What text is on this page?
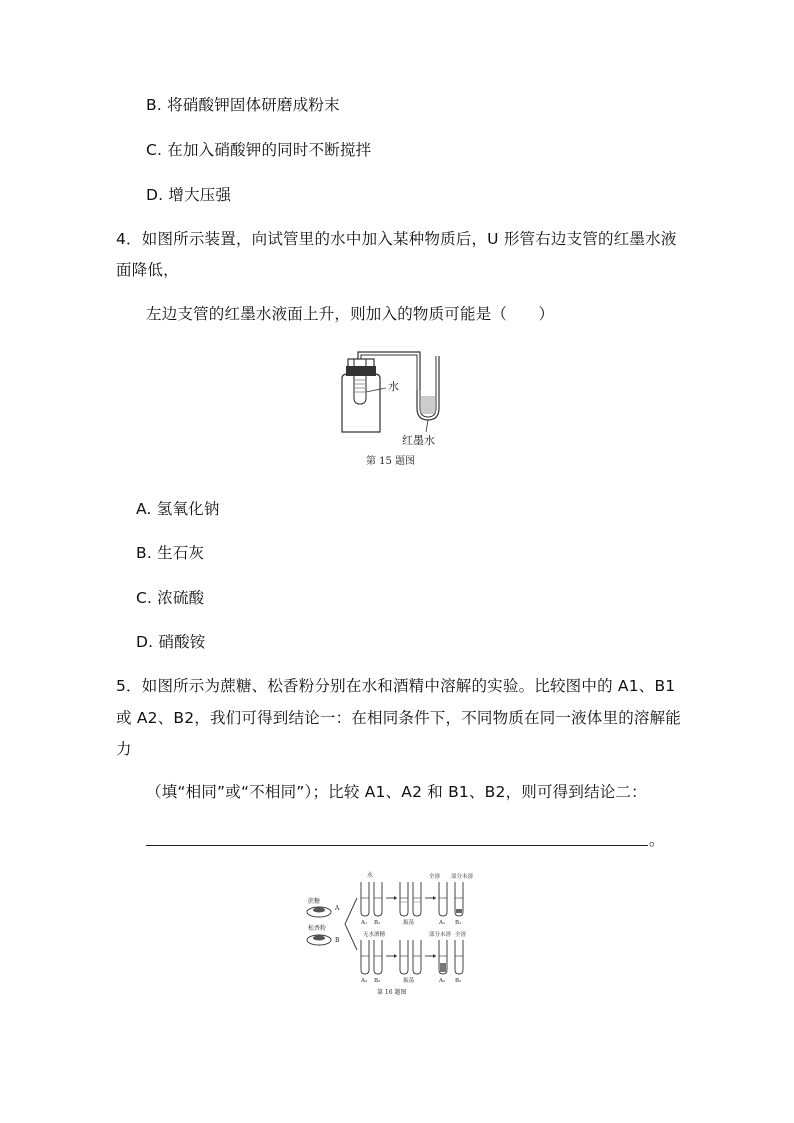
B. 将硝酸钾固体研磨成粉末
C. 在加入硝酸钾的同时不断搅拌
D. 增大压强
4．如图所示装置，向试管里的水中加入某种物质后，U 形管右边支管的红墨水液
面降低，
左边支管的红墨水液面上升，则加入的物质可能是（　　）
水
红墨水
第 15 题图
A. 氢氧化钠
B. 生石灰
C. 浓硫酸
D. 硝酸铵
5．如图所示为蔗糖、松香粉分别在水和酒精中溶解的实验。比较图中的 A1、B1
或 A2、B2，我们可得到结论一：在相同条件下，不同物质在同一液体里的溶解能
力
（填“相同”或“不相同”）；比较 A1、A2 和 B1、B2，则可得到结论二：
。
蔗糖
松香粉
A
B
水
A₁ B₁	振荡
全溶 部分未溶
A₁ B₁
无水酒精
A₂ B₂	振荡
部分未溶 全溶
A₂ B₂
第 16 题图
